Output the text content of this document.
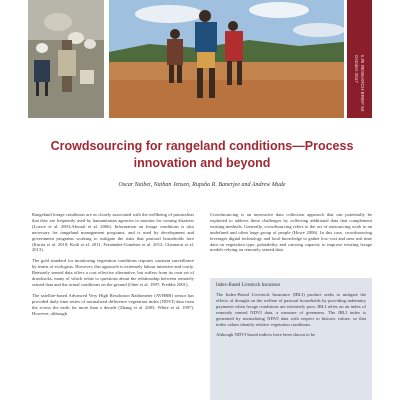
ILRI RESEARCH BRIEF 84
October 2017
Crowdsourcing for rangeland conditions—Process innovation and beyond
Oscar Naibei, Nathan Jensen, Rupsha R. Banerjee and Andrew Mude

Rangeland forage conditions are as closely associated with the wellbeing of pastoralists that they are frequently used by humanitarian agencies to monitor for coming disasters (Loewe et al. 2003;Akwaal et al. 2006). Information on forage conditions is also necessary for rangeland management programs, and is used by development and government programs working to mitigate the risks that pastoral households face (Kurita et al. 2010; Kodi et al. 2011, Fernández-Giménez et al. 2012; Chantarat et al. 2013).

The gold standard for monitoring vegetation conditions requires constant surveillance by teams of ecologists. However, this approach is extremely labour intensive and costly. Remotely sensed data offers a cost effective alternative, but suffers from its own set of drawbacks, many of which relate to questions about the relationship between remotely sensed data and the actual conditions on the ground (Otter et al. 1997; Freddie 2001).

The satellite-based Advanced Very High Resolution Radiometer (AVHRR) sensor has provided daily time series of normalized difference vegetation index (NDVI) data from the across the earth for more than a decade (Zhang et al. 2003; White et al. 1997). However, although

Crowdsourcing is an innovative data collection approach that can potentially be exploited to address these challenges by collecting additional data that complement existing methods. Generally, crowdsourcing refers to the act of outsourcing work to an undefined and often large group of people (Howe 2006). In this case, crowdsourcing leverages digital technology and local knowledge to gather low-cost and near real time data on vegetation type, palatability and carrying capacity to improve existing forage models relying on remotely sensed data.

Index-Based Livestock Insurance

The Index-Based Livestock Insurance (IBLI) product seeks to mitigate the effects of drought on the welfare of pastoral households by providing indemnity payments when forage conditions are extremely poor. IBLI relies on an index of remotely sensed NDVI data, a measure of greenness. The IBLI index is generated by normalizing NDVI data with respect to historic values, so that index values identify relative vegetation conditions.

Although NDVI-based indices have been shown to be
